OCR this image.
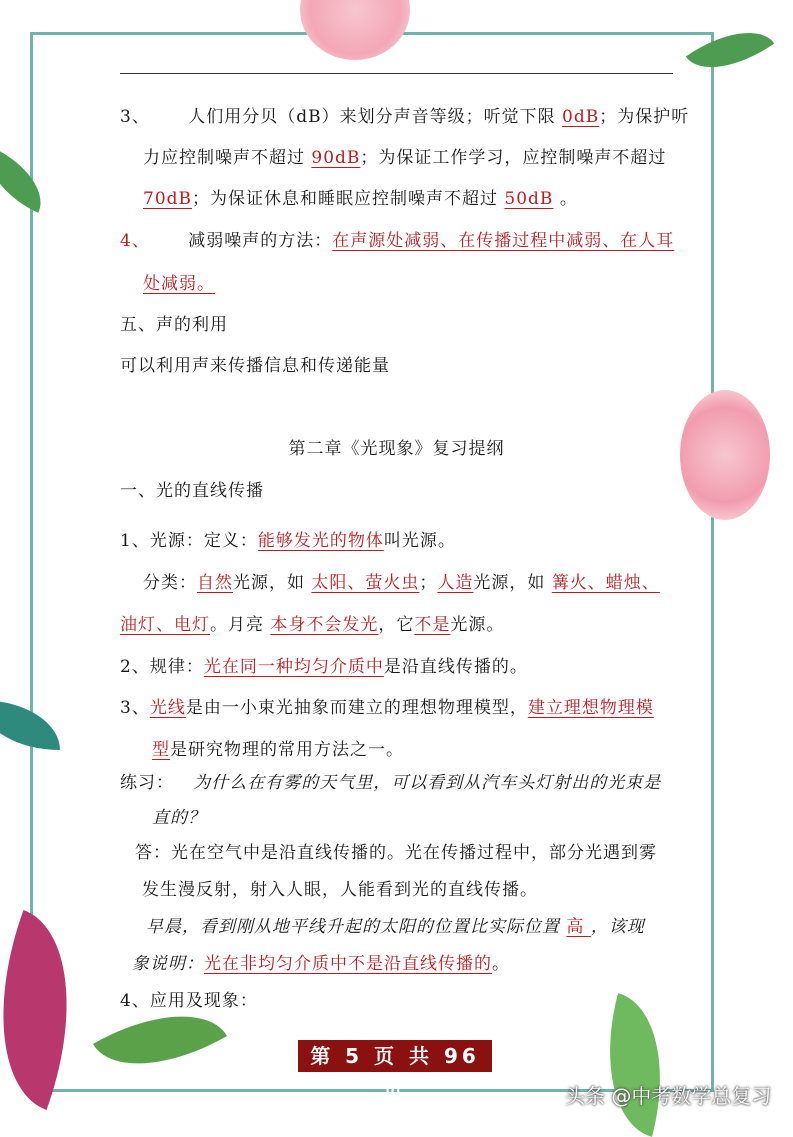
3、      人们用分贝（dB）来划分声音等级；听觉下限 0dB；为保护听
力应控制噪声不超过 90dB；为保证工作学习，应控制噪声不超过
70dB；为保证休息和睡眠应控制噪声不超过 50dB 。
4、      减弱噪声的方法：在声源处减弱、在传播过程中减弱、在人耳
处减弱。
五、声的利用
可以利用声来传播信息和传递能量
第二章《光现象》复习提纲
一、光的直线传播
1、光源：定义：能够发光的物体叫光源。
分类：自然光源，如 太阳、萤火虫；人造光源，如 篝火、蜡烛、
油灯、电灯。月亮 本身不会发光，它不是光源。
2、规律：光在同一种均匀介质中是沿直线传播的。
3、光线是由一小束光抽象而建立的理想物理模型，建立理想物理模
型是研究物理的常用方法之一。
练习：   为什么在有雾的天气里，可以看到从汽车头灯射出的光束是
直的？
答：光在空气中是沿直线传播的。光在传播过程中，部分光遇到雾
发生漫反射，射入人眼，人能看到光的直线传播。
早晨，看到刚从地平线升起的太阳的位置比实际位置 高 ，该现
象说明：光在非均匀介质中不是沿直线传播的。
4、应用及现象：
第 5 页 共 96 页	头条 @中考数学总复习
